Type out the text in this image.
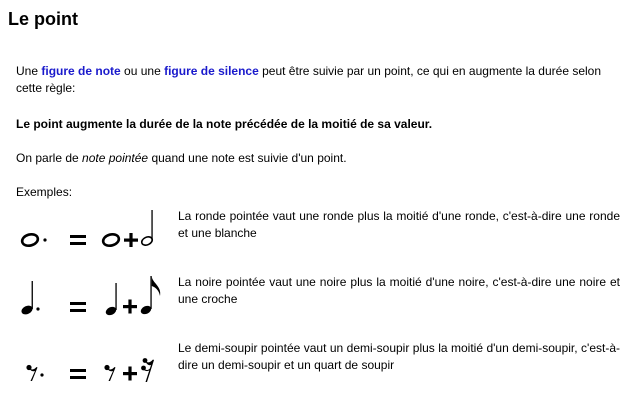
Le point

Une figure de note ou une figure de silence peut être suivie par un point, ce qui en augmente la durée selon cette règle:

Le point augmente la durée de la note précédée de la moitié de sa valeur.

On parle de note pointée quand une note est suivie d'un point.

Exemples:

La ronde pointée vaut une ronde plus la moitié d'une ronde, c'est-à-dire une ronde et une blanche

La noire pointée vaut une noire plus la moitié d'une noire, c'est-à-dire une noire et une croche

Le demi-soupir pointée vaut un demi-soupir plus la moitié d'un demi-soupir, c'est-à-dire un demi-soupir et un quart de soupir
